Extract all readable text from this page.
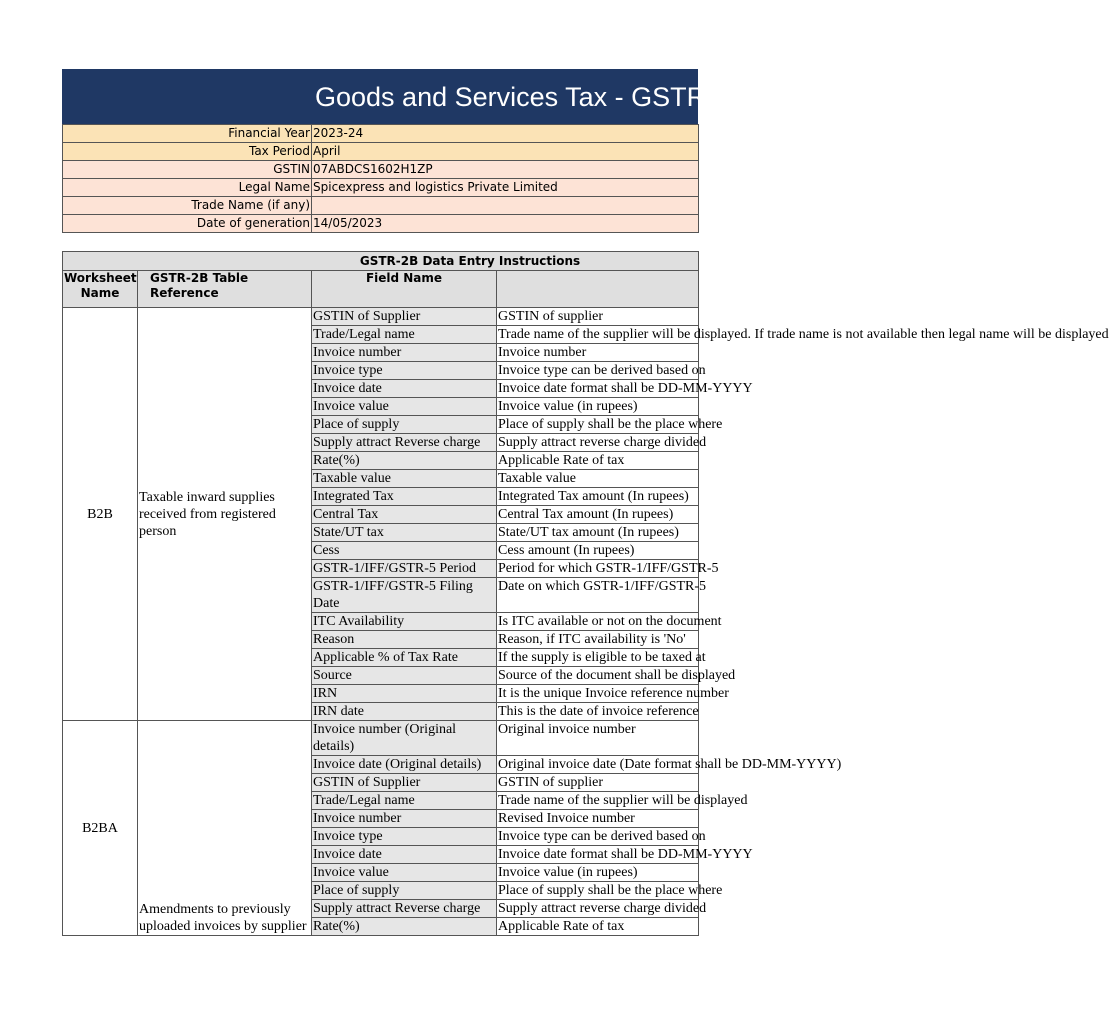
Goods and Services Tax - GSTR-2B
Financial Year	2023-24
Tax Period	April
GSTIN	07ABDCS1602H1ZP
Legal Name	Spicexpress and logistics Private Limited
Trade Name (if any)	
Date of generation	14/05/2023
GSTR-2B Data Entry Instructions			
Worksheet Name	GSTR-2B Table Reference	Field Name	
B2B	Taxable inward supplies received from registered person	GSTIN of Supplier	GSTIN of supplier
		Trade/Legal name	Trade name of the supplier will be displayed. If trade name is not available then legal name will be displayed
		Invoice number	Invoice number
		Invoice type	Invoice type can be derived based on
		Invoice date	Invoice date format shall be DD-MM-YYYY
		Invoice value	Invoice value (in rupees)
		Place of supply	Place of supply shall be the place where
		Supply attract Reverse charge	Supply attract reverse charge divided
		Rate(%)	Applicable Rate of tax
		Taxable value	Taxable value
		Integrated Tax	Integrated Tax amount (In rupees)
		Central Tax	Central Tax amount (In rupees)
		State/UT tax	State/UT tax amount (In rupees)
		Cess	Cess amount (In rupees)
		GSTR-1/IFF/GSTR-5 Period	Period for which GSTR-1/IFF/GSTR-5
		GSTR-1/IFF/GSTR-5 Filing Date	Date on which GSTR-1/IFF/GSTR-5
		ITC Availability	Is ITC available or not on the document
		Reason	Reason, if ITC availability is 'No'
		Applicable % of Tax Rate	If the supply is eligible to be taxed at
		Source	Source of the document shall be displayed
		IRN	It is the unique Invoice reference number
		IRN date	This is the date of invoice reference
B2BA	Amendments to previously uploaded invoices by supplier	Invoice number (Original details)	Original invoice number
		Invoice date (Original details)	Original invoice date (Date format shall be DD-MM-YYYY)
		GSTIN of Supplier	GSTIN of supplier
		Trade/Legal name	Trade name of the supplier will be displayed
		Invoice number	Revised Invoice number
		Invoice type	Invoice type can be derived based on
		Invoice date	Invoice date format shall be DD-MM-YYYY
		Invoice value	Invoice value (in rupees)
		Place of supply	Place of supply shall be the place where
		Supply attract Reverse charge	Supply attract reverse charge divided
		Rate(%)	Applicable Rate of tax
